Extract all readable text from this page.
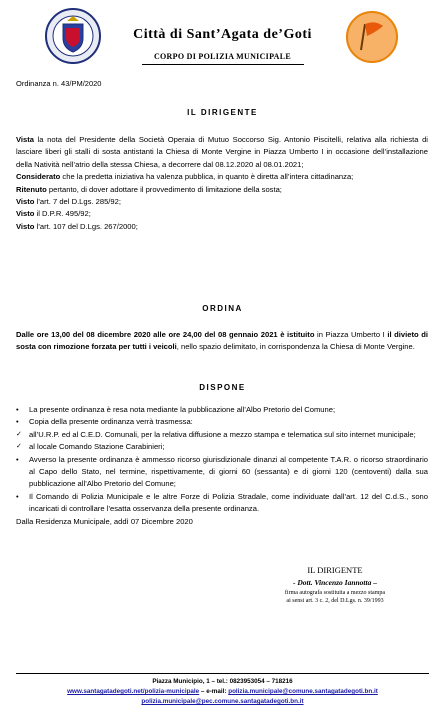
Città di Sant’Agata de’Goti
CORPO DI POLIZIA MUNICIPALE
Ordinanza n. 43/PM/2020
IL DIRIGENTE

Vista la nota del Presidente della Società Operaia di Mutuo Soccorso Sig. Antonio Piscitelli, relativa alla richiesta di lasciare liberi gli stalli di sosta antistanti la Chiesa di Monte Vergine in Piazza Umberto I in occasione dell’installazione della Natività nell’atrio della stessa Chiesa, a decorrere dal 08.12.2020 al 08.01.2021;

Considerato che la predetta iniziativa ha valenza pubblica, in quanto è diretta all’intera cittadinanza;

Ritenuto pertanto, di dover adottare il provvedimento di limitazione della sosta;

Visto l’art. 7 del D.Lgs. 285/92;

Visto il D.P.R. 495/92;

Visto l’art. 107 del D.Lgs. 267/2000;

ORDINA

Dalle ore 13,00 del 08 dicembre 2020 alle ore 24,00 del 08 gennaio 2021 è istituito in Piazza Umberto I il divieto di sosta con rimozione forzata per tutti i veicoli, nello spazio delimitato, in corrispondenza la Chiesa di Monte Vergine.

DISPONE
• La presente ordinanza è resa nota mediante la pubblicazione all’Albo Pretorio del Comune;
• Copia della presente ordinanza verrà trasmessa:
✓ all’U.R.P. ed al C.E.D. Comunali, per la relativa diffusione a mezzo stampa e telematica sul sito internet municipale;
✓ al locale Comando Stazione Carabinieri;
• Avverso la presente ordinanza è ammesso ricorso giurisdizionale dinanzi al competente T.A.R. o ricorso straordinario al Capo dello Stato, nel termine, rispettivamente, di giorni 60 (sessanta) e di giorni 120 (centoventi) dalla sua pubblicazione all’Albo Pretorio del Comune;
• Il Comando di Polizia Municipale e le altre Forze di Polizia Stradale, come individuate dall’art. 12 del C.d.S., sono incaricati di controllare l’esatta osservanza della presente ordinanza.
Dalla Residenza Municipale, addì 07 Dicembre 2020
IL DIRIGENTE
- Dott. Vincenzo Iannotta –
firma autografa sostituita a mezzo stampa
ai sensi art. 3 c. 2, del D.Lgs. n. 39/1993
Piazza Municipio, 1 – tel.: 0823953054 – 718216
www.santagatadegoti.net/polizia-municipale – e-mail: polizia.municipale@comune.santagatadegoti.bn.it
polizia.municipale@pec.comune.santagatadegoti.bn.it
